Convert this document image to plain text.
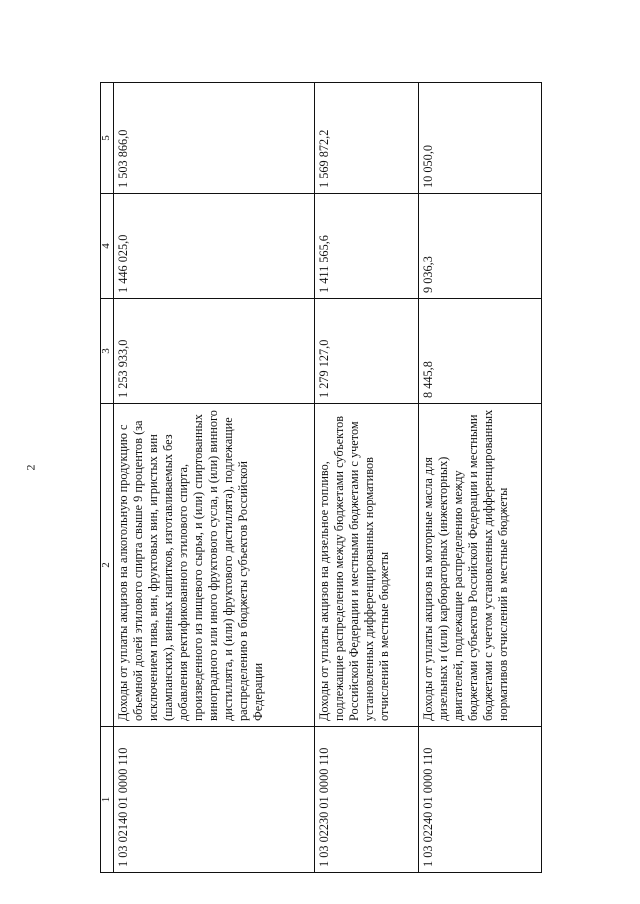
2
1	2	3	4	5
1 03 02140 01 0000 110	Доходы от уплаты акцизов на алкогольную продукцию с объемной долей этилового спирта свыше 9 процентов (за исключением пива, вин, фруктовых вин, игристых вин (шампанских), винных напитков, изготавливаемых без добавления ректификованного этилового спирта, произведенного из пищевого сырья, и (или) спиртованных виноградного или иного фруктового сусла, и (или) винного дистиллята, и (или) фруктового дистиллята), подлежащие распределению в бюджеты субъектов Российской Федерации	1 253 933,0	1 446 025,0	1 503 866,0
1 03 02230 01 0000 110	Доходы от уплаты акцизов на дизельное топливо, подлежащие распределению между бюджетами субъектов Российской Федерации и местными бюджетами с учетом установленных дифференцированных нормативов отчислений в местные бюджеты	1 279 127,0	1 411 565,6	1 569 872,2
1 03 02240 01 0000 110	Доходы от уплаты акцизов на моторные масла для дизельных и (или) карбюраторных (инжекторных) двигателей, подлежащие распределению между бюджетами субъектов Российской Федерации и местными бюджетами с учетом установленных дифференцированных нормативов отчислений в местные бюджеты	8 445,8	9 036,3	10 050,0
